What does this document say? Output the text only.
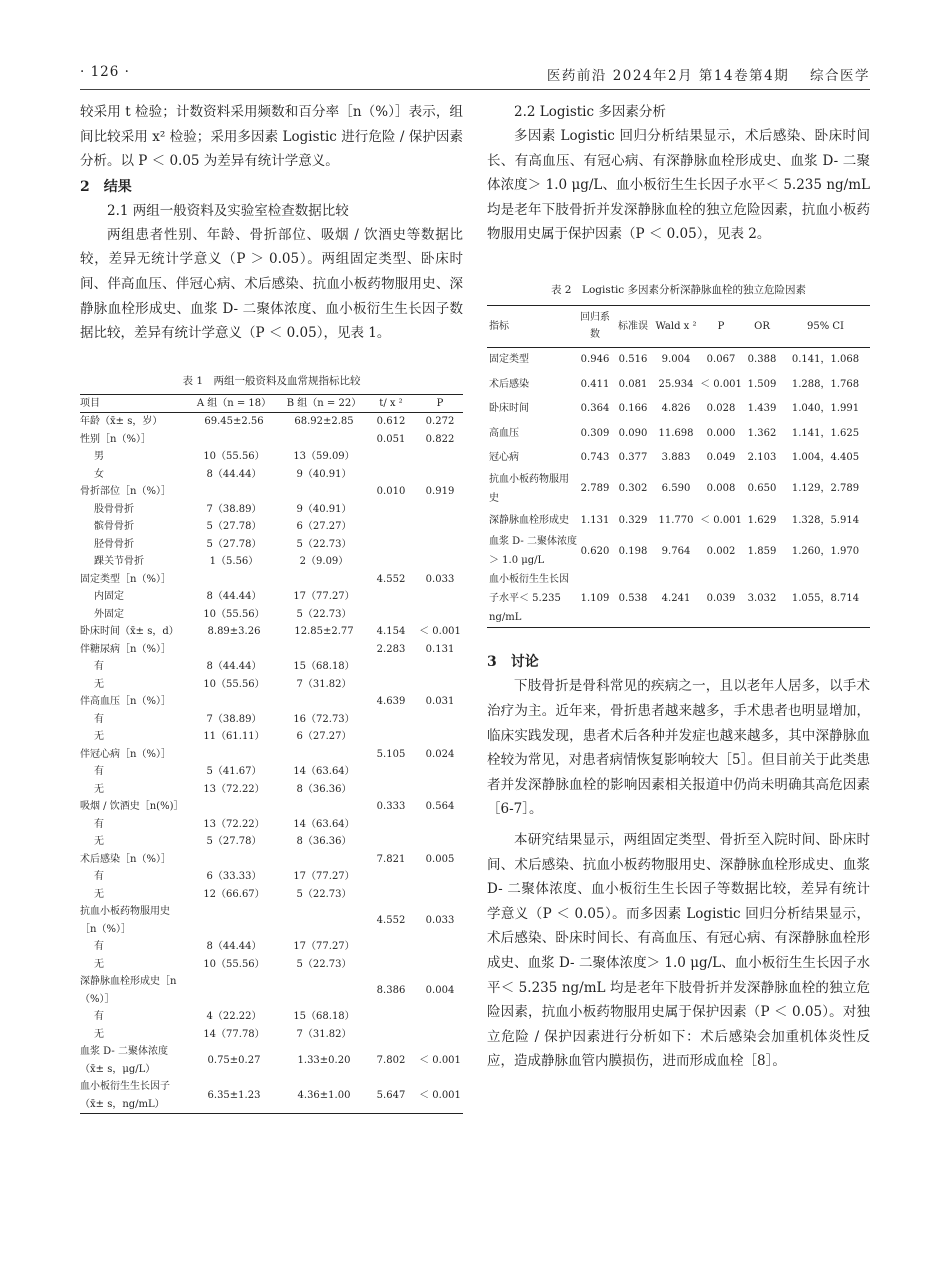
· 126 ·	医药前沿 2024年2月 第14卷第4期　 综合医学

较采用 t 检验；计数资料采用频数和百分率［n（%）］表示，组间比较采用 x² 检验；采用多因素 Logistic 进行危险 / 保护因素分析。以 P ＜ 0.05 为差异有统计学意义。

2　结果
2.1 两组一般资料及实验室检查数据比较

两组患者性别、年龄、骨折部位、吸烟 / 饮酒史等数据比较，差异无统计学意义（P ＞ 0.05）。两组固定类型、卧床时间、伴高血压、伴冠心病、术后感染、抗血小板药物服用史、深静脉血栓形成史、血浆 D- 二聚体浓度、血小板衍生生长因子数据比较，差异有统计学意义（P ＜ 0.05），见表 1。

表 1　两组一般资料及血常规指标比较
项目	A 组（n = 18）	B 组（n = 22）	t/ x ²	P
年龄（x̄± s，岁）	69.45±2.56	68.92±2.85	0.612	0.272
性别［n（%）］			0.051	0.822
男	10（55.56）	13（59.09）		
女	8（44.44）	9（40.91）		
骨折部位［n（%）］			0.010	0.919
股骨骨折	7（38.89）	9（40.91）		
髌骨骨折	5（27.78）	6（27.27）		
胫骨骨折	5（27.78）	5（22.73）		
踝关节骨折	1（5.56）	2（9.09）		
固定类型［n（%）］			4.552	0.033
内固定	8（44.44）	17（77.27）		
外固定	10（55.56）	5（22.73）		
卧床时间（x̄± s，d）	8.89±3.26	12.85±2.77	4.154	＜ 0.001
伴糖尿病［n（%）］			2.283	0.131
有	8（44.44）	15（68.18）		
无	10（55.56）	7（31.82）		
伴高血压［n（%）］			4.639	0.031
有	7（38.89）	16（72.73）		
无	11（61.11）	6（27.27）		
伴冠心病［n（%）］			5.105	0.024
有	5（41.67）	14（63.64）		
无	13（72.22）	8（36.36）		
吸烟 / 饮酒史［n(%)］			0.333	0.564
有	13（72.22）	14（63.64）		
无	5（27.78）	8（36.36）		
术后感染［n（%）］			7.821	0.005
有	6（33.33）	17（77.27）		
无	12（66.67）	5（22.73）		
抗血小板药物服用史［n（%）］			4.552	0.033
有	8（44.44）	17（77.27）		
无	10（55.56）	5（22.73）		
深静脉血栓形成史［n（%）］			8.386	0.004
有	4（22.22）	15（68.18）		
无	14（77.78）	7（31.82）		
血浆 D- 二聚体浓度（x̄± s，μg/L）	0.75±0.27	1.33±0.20	7.802	＜ 0.001
血小板衍生生长因子（x̄± s，ng/mL）	6.35±1.23	4.36±1.00	5.647	＜ 0.001
2.2 Logistic 多因素分析

多因素 Logistic 回归分析结果显示，术后感染、卧床时间长、有高血压、有冠心病、有深静脉血栓形成史、血浆 D- 二聚体浓度＞ 1.0 μg/L、血小板衍生生长因子水平＜ 5.235 ng/mL 均是老年下肢骨折并发深静脉血栓的独立危险因素，抗血小板药物服用史属于保护因素（P ＜ 0.05），见表 2。

表 2　Logistic 多因素分析深静脉血栓的独立危险因素
指标	回归系数	标准误	Wald x ²	P	OR	95% CI
固定类型	0.946	0.516	9.004	0.067	0.388	0.141，1.068
术后感染	0.411	0.081	25.934	＜ 0.001	1.509	1.288，1.768
卧床时间	0.364	0.166	4.826	0.028	1.439	1.040，1.991
高血压	0.309	0.090	11.698	0.000	1.362	1.141，1.625
冠心病	0.743	0.377	3.883	0.049	2.103	1.004，4.405
抗血小板药物服用史	2.789	0.302	6.590	0.008	0.650	1.129，2.789
深静脉血栓形成史	1.131	0.329	11.770	＜ 0.001	1.629	1.328，5.914
血浆 D- 二聚体浓度＞ 1.0 μg/L	0.620	0.198	9.764	0.002	1.859	1.260，1.970
血小板衍生生长因子水平＜ 5.235 ng/mL	1.109	0.538	4.241	0.039	3.032	1.055，8.714
3　讨论

下肢骨折是骨科常见的疾病之一，且以老年人居多，以手术治疗为主。近年来，骨折患者越来越多，手术患者也明显增加，临床实践发现，患者术后各种并发症也越来越多，其中深静脉血栓较为常见，对患者病情恢复影响较大［5］。但目前关于此类患者并发深静脉血栓的影响因素相关报道中仍尚未明确其高危因素［6-7］。

本研究结果显示，两组固定类型、骨折至入院时间、卧床时间、术后感染、抗血小板药物服用史、深静脉血栓形成史、血浆 D- 二聚体浓度、血小板衍生生长因子等数据比较，差异有统计学意义（P ＜ 0.05）。而多因素 Logistic 回归分析结果显示，术后感染、卧床时间长、有高血压、有冠心病、有深静脉血栓形成史、血浆 D- 二聚体浓度＞ 1.0 μg/L、血小板衍生生长因子水平＜ 5.235 ng/mL 均是老年下肢骨折并发深静脉血栓的独立危险因素，抗血小板药物服用史属于保护因素（P ＜ 0.05）。对独立危险 / 保护因素进行分析如下：术后感染会加重机体炎性反应，造成静脉血管内膜损伤，进而形成血栓［8］。
